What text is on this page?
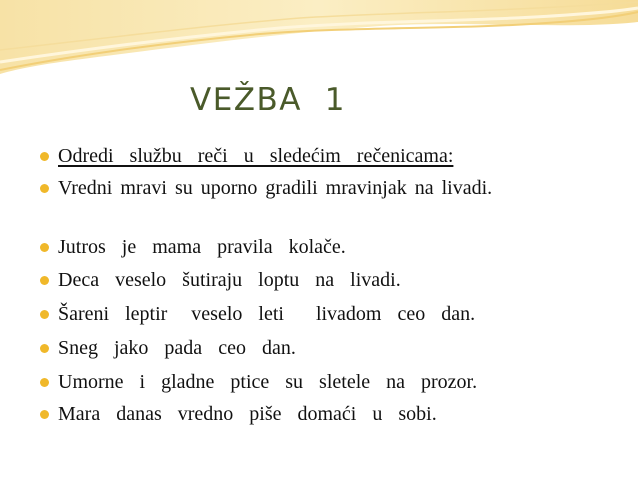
VEŽBA  1
Odredi  službu  reči  u  sledećim  rečenicama:
Vredni mravi su uporno gradili mravinjak na livadi.
Jutros  je  mama  pravila  kolače.
Deca  veselo  šutiraju  loptu  na  livadi.
Šareni  leptir   veselo  leti    livadom  ceo  dan.
Sneg  jako  pada  ceo  dan.
Umorne  i  gladne  ptice  su  sletele  na  prozor.
Mara  danas  vredno  piše  domaći  u  sobi.
